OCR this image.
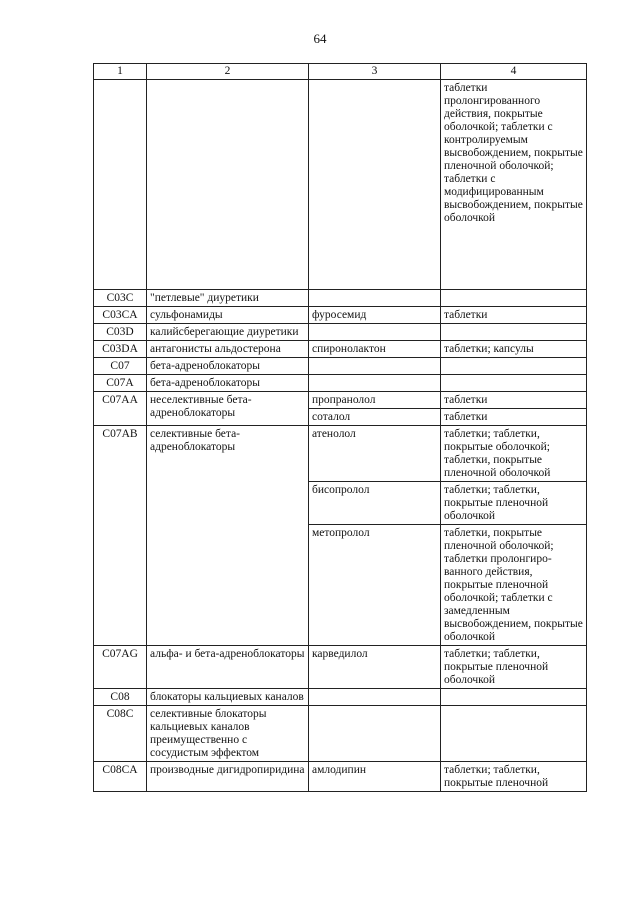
64
1	2	3	4
			таблетки пролонгированного действия, покрытые оболочкой; таблетки с контролируемым высвобождением, покрытые пленочной оболочкой; таблетки с модифицированным высвобождением, покрытые оболочкой
C03C	"петлевые" диуретики		
C03CA	сульфонамиды	фуросемид	таблетки
C03D	калийсберегающие диуретики		
C03DA	антагонисты альдостерона	спиронолактон	таблетки; капсулы
C07	бета-адреноблокаторы		
C07A	бета-адреноблокаторы		
C07AA	неселективные бета-адреноблокаторы	пропранолол	таблетки
		соталол	таблетки
C07AB	селективные бета-адреноблокаторы	атенолол	таблетки; таблетки, покрытые оболочкой; таблетки, покрытые пленочной оболочкой
		бисопролол	таблетки; таблетки, покрытые пленочной оболочкой
		метопролол	таблетки, покрытые пленочной оболочкой; таблетки пролонгиро-ванного действия, покрытые пленочной оболочкой; таблетки с замедленным высвобождением, покрытые оболочкой
C07AG	альфа- и бета-адреноблокаторы	карведилол	таблетки; таблетки, покрытые пленочной оболочкой
C08	блокаторы кальциевых каналов		
C08C	селективные блокаторы кальциевых каналов преимущественно с сосудистым эффектом		
C08CA	производные дигидропиридина	амлодипин	таблетки; таблетки, покрытые пленочной
